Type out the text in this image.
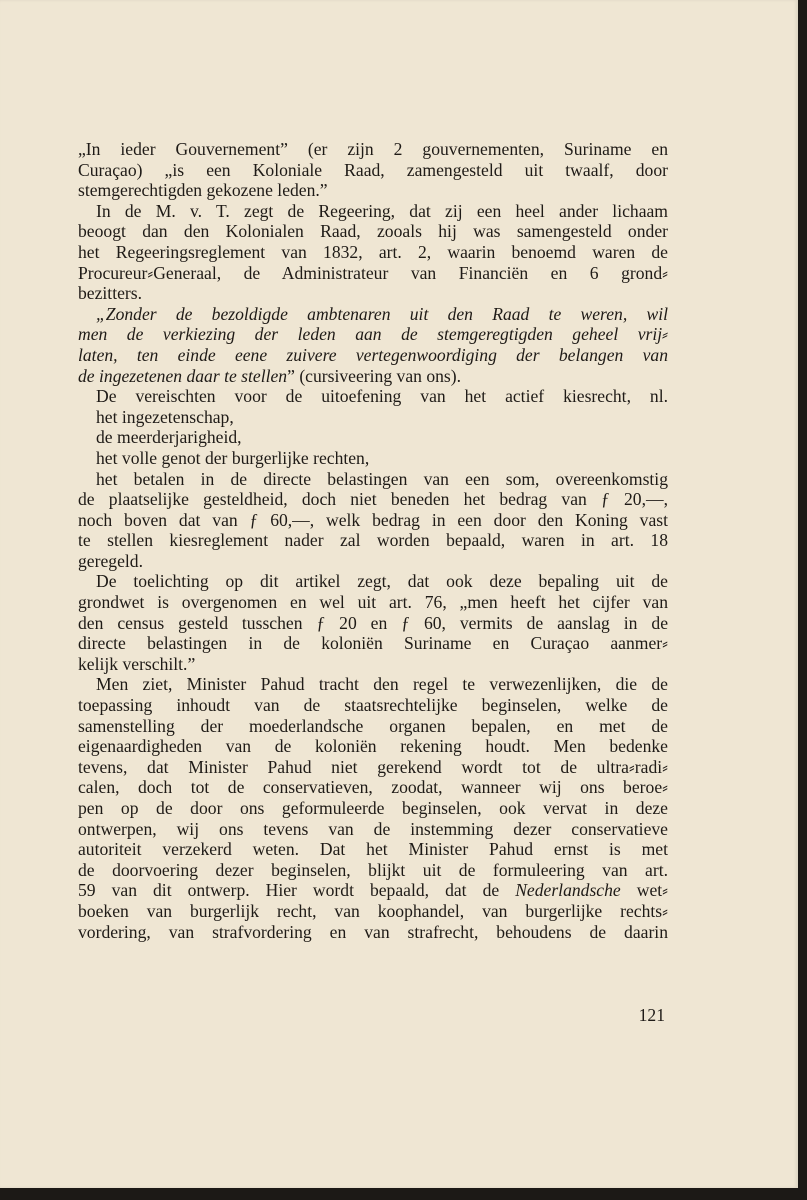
„In ieder Gouvernement” (er zijn 2 gouvernementen, Suriname en
Curaçao) „is een Koloniale Raad, zamengesteld uit twaalf, door
stemgerechtigden gekozene leden.”
In de M. v. T. zegt de Regeering, dat zij een heel ander lichaam
beoogt dan den Kolonialen Raad, zooals hij was samengesteld onder
het Regeeringsreglement van 1832, art. 2, waarin benoemd waren de
Procureur⸗Generaal, de Administrateur van Financiën en 6 grond⸗
bezitters.
„Zonder de bezoldigde ambtenaren uit den Raad te weren, wil
men de verkiezing der leden aan de stemgeregtigden geheel vrij⸗
laten, ten einde eene zuivere vertegenwoordiging der belangen van
de ingezetenen daar te stellen” (cursiveering van ons).
De vereischten voor de uitoefening van het actief kiesrecht, nl.
het ingezetenschap,
de meerderjarigheid,
het volle genot der burgerlijke rechten,
het betalen in de directe belastingen van een som, overeenkomstig
de plaatselijke gesteldheid, doch niet beneden het bedrag van ƒ 20,—,
noch boven dat van ƒ 60,—, welk bedrag in een door den Koning vast
te stellen kiesreglement nader zal worden bepaald, waren in art. 18
geregeld.
De toelichting op dit artikel zegt, dat ook deze bepaling uit de
grondwet is overgenomen en wel uit art. 76, „men heeft het cijfer van
den census gesteld tusschen ƒ 20 en ƒ 60, vermits de aanslag in de
directe belastingen in de koloniën Suriname en Curaçao aanmer⸗
kelijk verschilt.”
Men ziet, Minister Pahud tracht den regel te verwezenlijken, die de
toepassing inhoudt van de staatsrechtelijke beginselen, welke de
samenstelling der moederlandsche organen bepalen, en met de
eigenaardigheden van de koloniën rekening houdt. Men bedenke
tevens, dat Minister Pahud niet gerekend wordt tot de ultra⸗radi⸗
calen, doch tot de conservatieven, zoodat, wanneer wij ons beroe⸗
pen op de door ons geformuleerde beginselen, ook vervat in deze
ontwerpen, wij ons tevens van de instemming dezer conservatieve
autoriteit verzekerd weten. Dat het Minister Pahud ernst is met
de doorvoering dezer beginselen, blijkt uit de formuleering van art.
59 van dit ontwerp. Hier wordt bepaald, dat de Nederlandsche wet⸗
boeken van burgerlijk recht, van koophandel, van burgerlijke rechts⸗
vordering, van strafvordering en van strafrecht, behoudens de daarin
121
